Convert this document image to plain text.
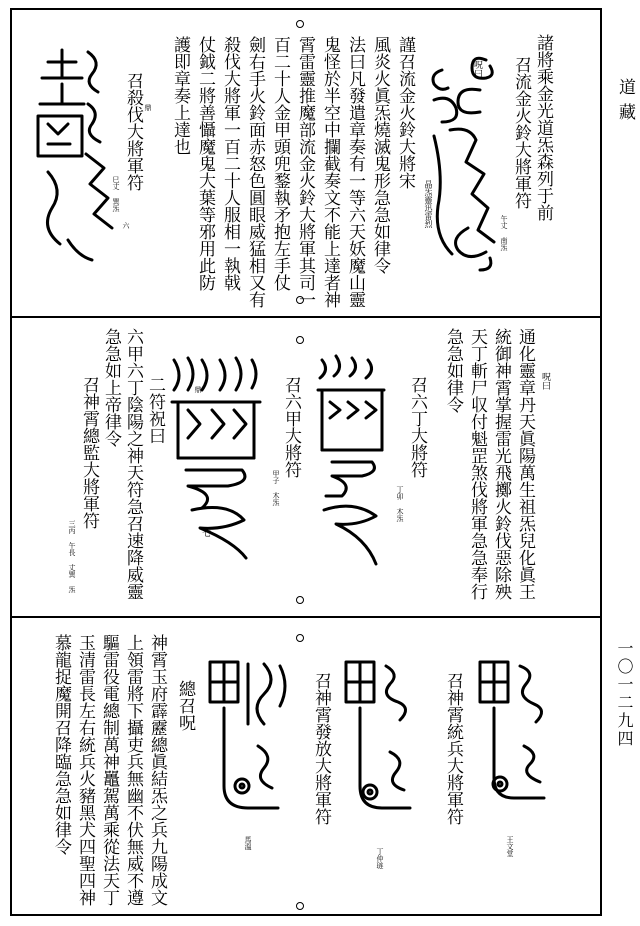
道藏
一〇一二九四
諸將乘金光道炁森列于前
召流金火鈴大將軍符
午丈 南炁
呪曰
謹召流金火鈴大將宋
風炎火眞炁燒滅鬼形急急如律令
法曰凡發遣章奏有一等六天妖魔山靈
鬼怪於半空中攔截奏文不能上達者神
霄雷靈推魔部流金火鈴大將軍其司一
百二十人金甲頭兜鍪執矛抱左手仗
劍右手火鈴面赤怒色圓眼威猛相又有
殺伐大將軍一百二十人服相一執戟
仗鉞二將善懾魔鬼大葉等邪用此防
護即章奏上達也
晶炁靈迅雷烈
召殺伐大將軍符
巳丈 巽炁
六
鼎
呪曰
通化靈章丹天眞陽萬生祖炁兒化眞王
統御神霄掌握雷光飛擲火鈴伐惡除殃
天丁斬尸収付魁罡煞伐將軍急急奉行
急急如律令
召六丁大將符
丁卯 木炁
召六甲大將符
甲子 木炁
七
鼎
二符祝曰
六甲六丁陰陽之神天符急召速降威靈
急急如上帝律令
召神霄總監大將軍符
三丙 午長 丈巽 炁
召神霄統兵大將軍符
王文堂
召神霄發放大將軍符
丁仲琏
馬溫
總召呪
神霄玉府霹靂總眞結炁之兵九陽成文
上領雷將下攝吏兵無幽不伏無威不遵
驅雷役電總制萬神鼉駕萬乘從法天丁
玉清雷長左右統兵火豬黑犬四聖四神
慕龍捉魔開召降臨急急如律令
